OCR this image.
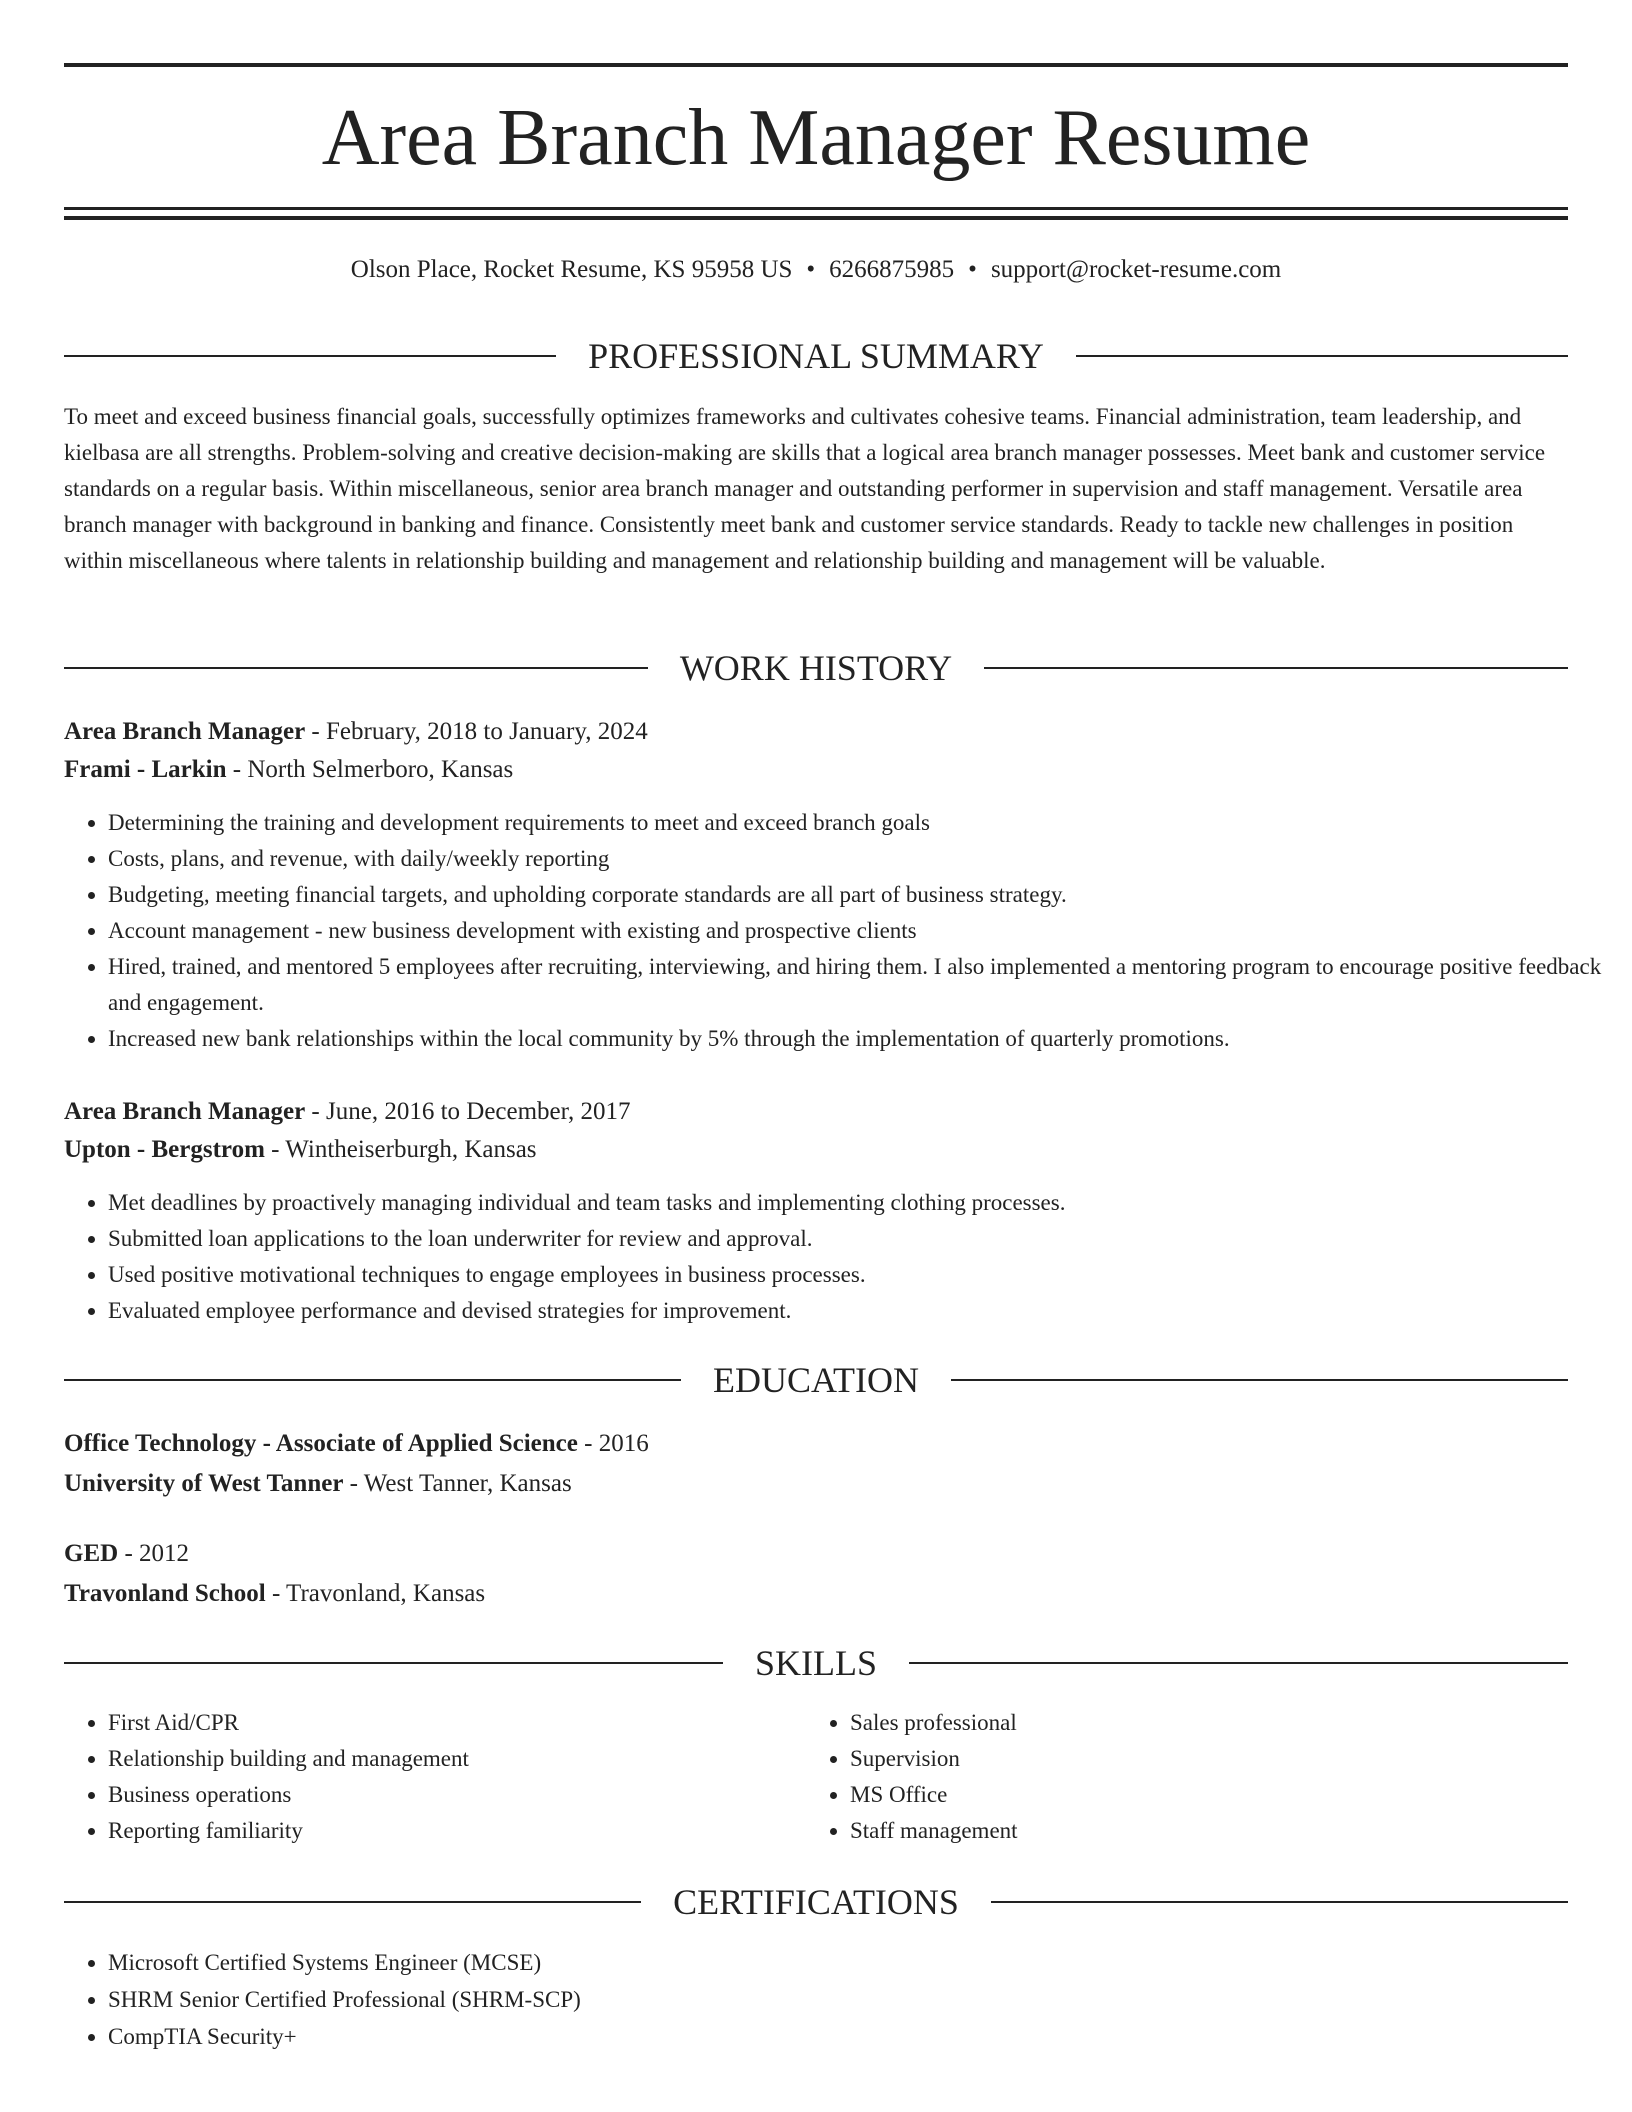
Area Branch Manager Resume
Olson Place, Rocket Resume, KS 95958 US • 6266875985 • support@rocket-resume.com
PROFESSIONAL SUMMARY

To meet and exceed business financial goals, successfully optimizes frameworks and cultivates cohesive teams. Financial administration, team leadership, and kielbasa are all strengths. Problem-solving and creative decision-making are skills that a logical area branch manager possesses. Meet bank and customer service standards on a regular basis. Within miscellaneous, senior area branch manager and outstanding performer in supervision and staff management. Versatile area branch manager with background in banking and finance. Consistently meet bank and customer service standards. Ready to tackle new challenges in position within miscellaneous where talents in relationship building and management and relationship building and management will be valuable.

WORK HISTORY
Area Branch Manager - February, 2018 to January, 2024
Frami - Larkin - North Selmerboro, Kansas
• Determining the training and development requirements to meet and exceed branch goals
• Costs, plans, and revenue, with daily/weekly reporting
• Budgeting, meeting financial targets, and upholding corporate standards are all part of business strategy.
• Account management - new business development with existing and prospective clients
• Hired, trained, and mentored 5 employees after recruiting, interviewing, and hiring them. I also implemented a mentoring program to encourage positive feedback and engagement.
• Increased new bank relationships within the local community by 5% through the implementation of quarterly promotions.
Area Branch Manager - June, 2016 to December, 2017
Upton - Bergstrom - Wintheiserburgh, Kansas
• Met deadlines by proactively managing individual and team tasks and implementing clothing processes.
• Submitted loan applications to the loan underwriter for review and approval.
• Used positive motivational techniques to engage employees in business processes.
• Evaluated employee performance and devised strategies for improvement.
EDUCATION
Office Technology - Associate of Applied Science - 2016
University of West Tanner - West Tanner, Kansas
GED - 2012
Travonland School - Travonland, Kansas
SKILLS
• First Aid/CPR
• Relationship building and management
• Business operations
• Reporting familiarity
• Sales professional
• Supervision
• MS Office
• Staff management
CERTIFICATIONS
• Microsoft Certified Systems Engineer (MCSE)
• SHRM Senior Certified Professional (SHRM-SCP)
• CompTIA Security+
